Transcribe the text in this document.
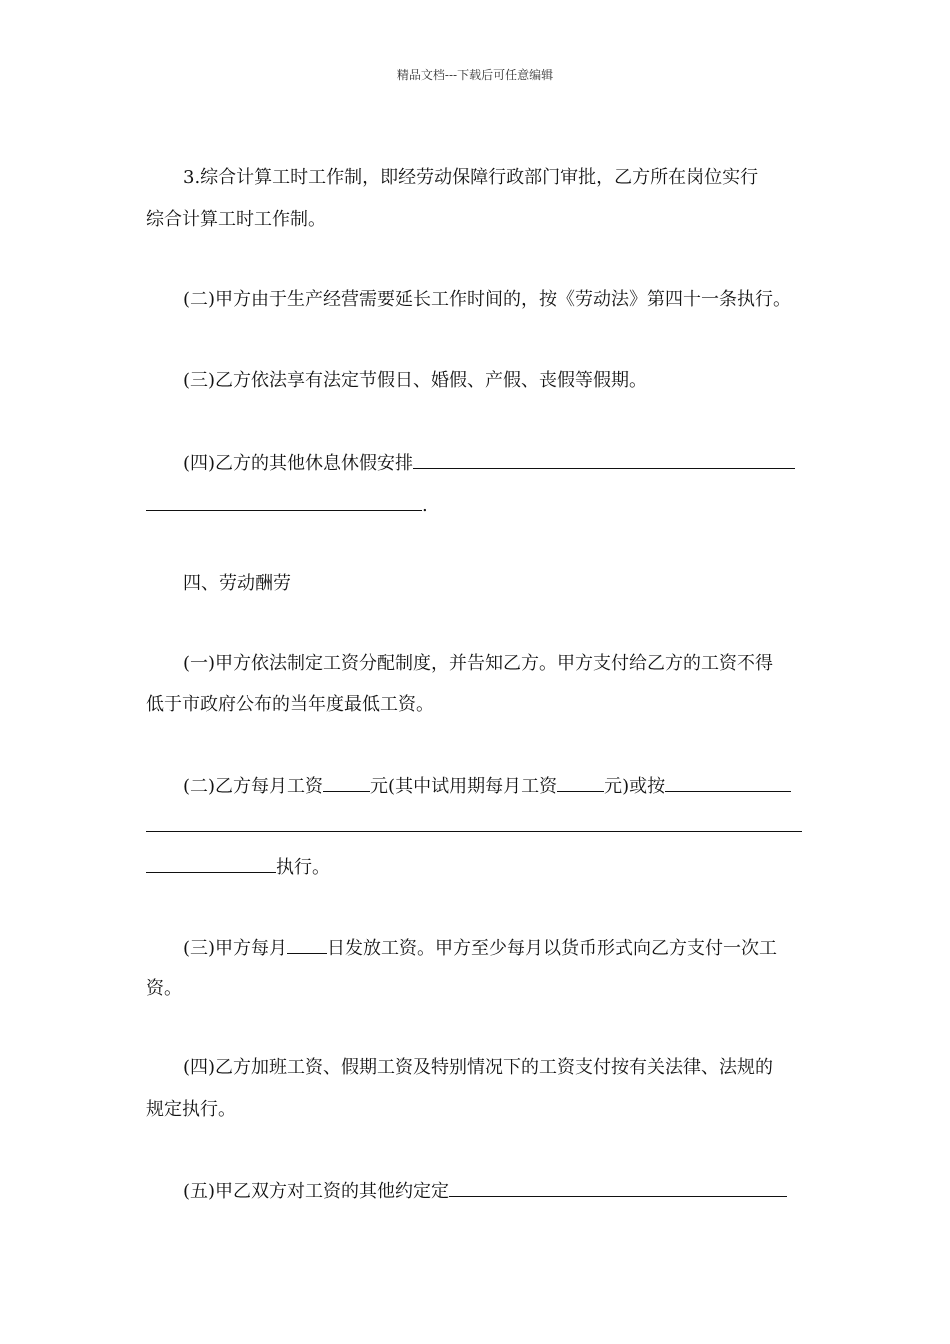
精品文档---下载后可任意编辑
3.综合计算工时工作制，即经劳动保障行政部门审批，乙方所在岗位实行
综合计算工时工作制。
(二)甲方由于生产经营需要延长工作时间的，按《劳动法》第四十一条执行。
(三)乙方依法享有法定节假日、婚假、产假、丧假等假期。
(四)乙方的其他休息休假安排
.
四、劳动酬劳
(一)甲方依法制定工资分配制度，并告知乙方。甲方支付给乙方的工资不得
低于市政府公布的当年度最低工资。
(二)乙方每月工资	元(其中试用期每月工资	元)或按
执行。
(三)甲方每月 日发放工资。甲方至少每月以货币形式向乙方支付一次工
资。
(四)乙方加班工资、假期工资及特别情况下的工资支付按有关法律、法规的
规定执行。
(五)甲乙双方对工资的其他约定定
